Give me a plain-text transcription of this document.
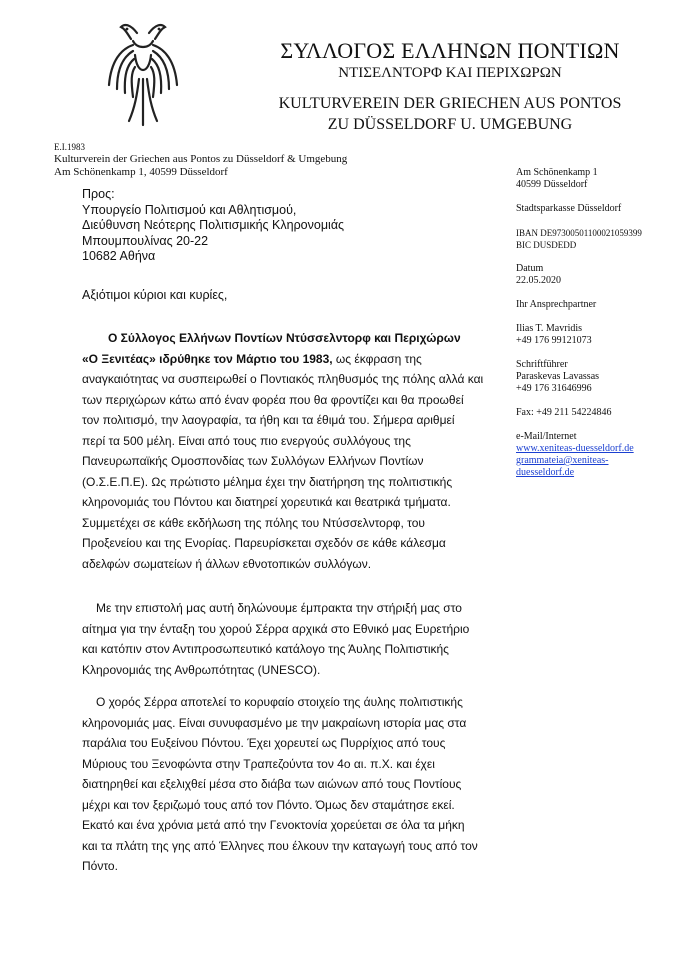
ΣΥΛΛΟΓΟΣ ΕΛΛΗΝΩΝ ΠΟΝΤΙΩΝ
ΝΤΙΣΕΛΝΤΟΡΦ ΚΑΙ ΠΕΡΙΧΩΡΩΝ
KULTURVEREIN DER GRIECHEN AUS PONTOS
ZU DÜSSELDORF U. UMGEBUNG
E.I.1983
Kulturverein der Griechen aus Pontos zu Düsseldorf & Umgebung
Am Schönenkamp 1, 40599 Düsseldorf
Προς:
Υπουργείο Πολιτισμού και Αθλητισμού,
Διεύθυνση Νεότερης Πολιτισμικής Κληρονομιάς
Μπουμπουλίνας 20-22
10682 Αθήνα
Αξιότιμοι κύριοι και κυρίες,
Ο Σύλλογος Ελλήνων Ποντίων Ντύσσελντορφ και Περιχώρων
«Ο Ξενιτέας» ιδρύθηκε τον Μάρτιο του 1983, ως έκφραση της
αναγκαιότητας να συσπειρωθεί ο Ποντιακός πληθυσμός της πόλης αλλά και
των περιχώρων κάτω από έναν φορέα που θα φροντίζει και θα προωθεί
τον πολιτισμό, την λαογραφία, τα ήθη και τα έθιμά του. Σήμερα αριθμεί
περί τα 500 μέλη. Είναι από τους πιο ενεργούς συλλόγους της
Πανευρωπαϊκής Ομοσπονδίας των Συλλόγων Ελλήνων Ποντίων
(Ο.Σ.Ε.Π.Ε). Ως πρώτιστο μέλημα έχει την διατήρηση της πολιτιστικής
κληρονομιάς του Πόντου και διατηρεί χορευτικά και θεατρικά τμήματα.
Συμμετέχει σε κάθε εκδήλωση της πόλης του Ντύσσελντορφ, του
Προξενείου και της Ενορίας. Παρευρίσκεται σχεδόν σε κάθε κάλεσμα
αδελφών σωματείων ή άλλων εθνοτοπικών συλλόγων.
Με την επιστολή μας αυτή δηλώνουμε έμπρακτα την στήριξή μας στο
αίτημα για την ένταξη του χορού Σέρρα αρχικά στο Εθνικό μας Ευρετήριο
και κατόπιν στον Αντιπροσωπευτικό κατάλογο της Άυλης Πολιτιστικής
Κληρονομιάς της Ανθρωπότητας (UNESCO).
Ο χορός Σέρρα αποτελεί το κορυφαίο στοιχείο της άυλης πολιτιστικής
κληρονομιάς μας. Είναι συνυφασμένο με την μακραίωνη ιστορία μας στα
παράλια του Ευξείνου Πόντου. Έχει χορευτεί ως Πυρρίχιος από τους
Μύριους του Ξενοφώντα στην Τραπεζούντα τον 4ο αι. π.Χ. και έχει
διατηρηθεί και εξελιχθεί μέσα στο διάβα των αιώνων από τους Ποντίους
μέχρι και τον ξεριζωμό τους από τον Πόντο. Όμως δεν σταμάτησε εκεί.
Εκατό και ένα χρόνια μετά από την Γενοκτονία χορεύεται σε όλα τα μήκη
και τα πλάτη της γης από Έλληνες που έλκουν την καταγωγή τους από τον
Πόντο.
Am Schönenkamp 1
40599 Düsseldorf
Stadtsparkasse Düsseldorf
IBAN DE97300501100021059399
BIC DUSDEDD
Datum
22.05.2020
Ihr Ansprechpartner
Ilias T. Mavridis
+49 176 99121073
Schriftführer
Paraskevas Lavassas
+49 176 31646996
Fax: +49 211 54224846
e-Mail/Internet
www.xeniteas-duesseldorf.de
grammateia@xeniteas-
duesseldorf.de
